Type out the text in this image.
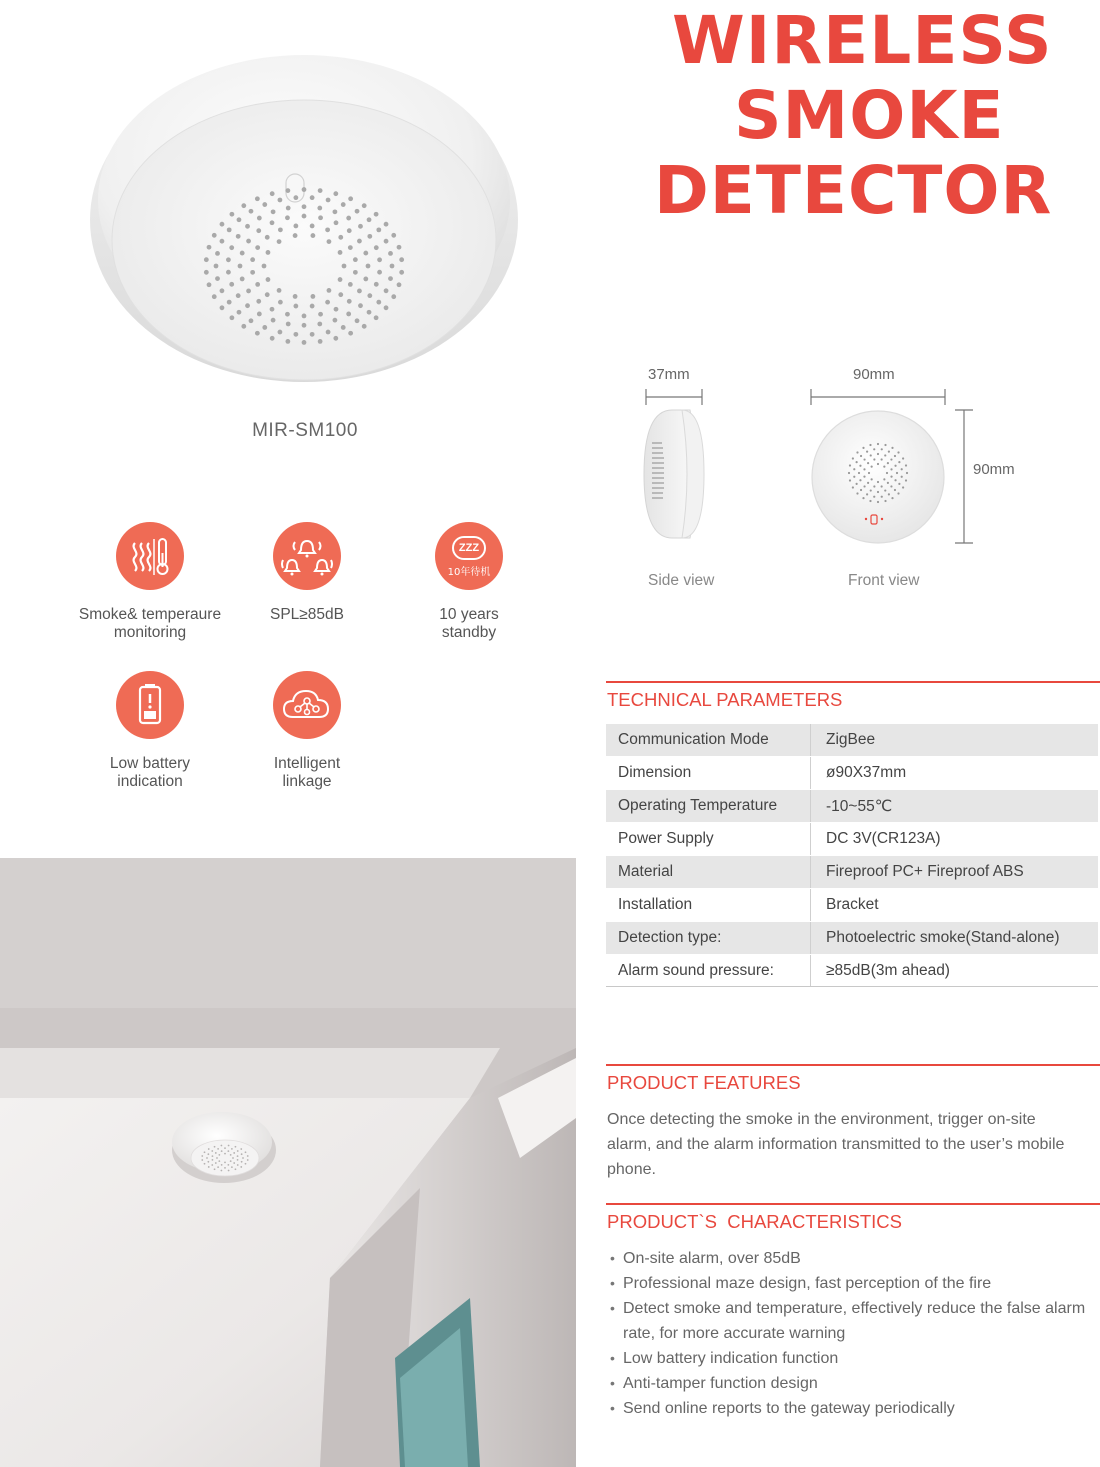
WIRELESS
SMOKE
DETECTOR
MIR-SM100
Smoke& temperaure
monitoring
SPL≥85dB
ZZZ
10年待机
10 years
standby
Low battery
indication
Intelligent
linkage
37mm	90mm
90mm
Side view	Front view
TECHNICAL PARAMETERS
Communication Mode	ZigBee
Dimension	ø90X37mm
Operating Temperature	-10~55℃
Power Supply	DC 3V(CR123A)
Material	Fireproof PC+ Fireproof ABS
Installation	Bracket
Detection type:	Photoelectric smoke(Stand-alone)
Alarm sound pressure:	≥85dB(3m ahead)
PRODUCT FEATURES
Once detecting the smoke in the environment, trigger on-site alarm, and the alarm information transmitted to the user’s mobile phone.
PRODUCT`S  CHARACTERISTICS
• On-site alarm, over 85dB
• Professional maze design, fast perception of the fire
• Detect smoke and temperature, effectively reduce the false alarm rate, for more accurate warning
• Low battery indication function
• Anti-tamper function design
• Send online reports to the gateway periodically
